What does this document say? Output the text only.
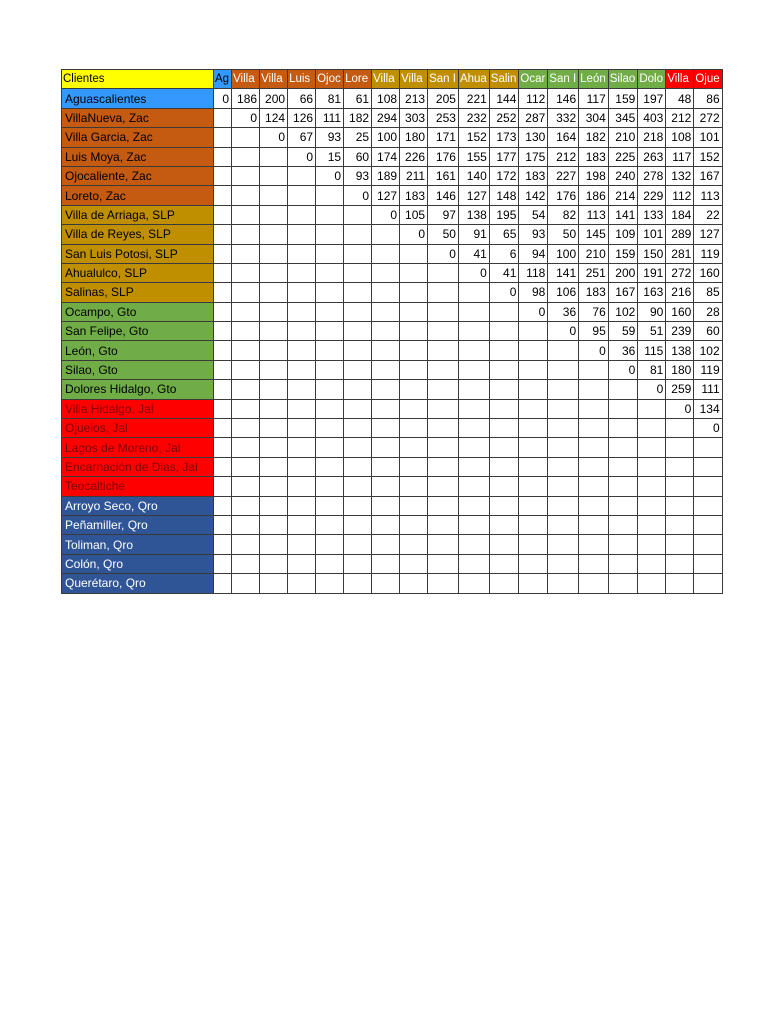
Clientes	Ag	Villa	Villa	Luis	Ojoc	Lore	Villa	Villa	San I	Ahua	Salin	Ocar	San I	León	Silao	Dolo	Villa	Ojue
Aguascalientes	0	186	200	66	81	61	108	213	205	221	144	112	146	117	159	197	48	86
VillaNueva, Zac		0	124	126	111	182	294	303	253	232	252	287	332	304	345	403	212	272
Villa Garcia, Zac			0	67	93	25	100	180	171	152	173	130	164	182	210	218	108	101
Luis Moya, Zac				0	15	60	174	226	176	155	177	175	212	183	225	263	117	152
Ojocaliente, Zac					0	93	189	211	161	140	172	183	227	198	240	278	132	167
Loreto, Zac						0	127	183	146	127	148	142	176	186	214	229	112	113
Villa de Arriaga, SLP							0	105	97	138	195	54	82	113	141	133	184	22
Villa de Reyes, SLP								0	50	91	65	93	50	145	109	101	289	127
San Luis Potosi, SLP									0	41	6	94	100	210	159	150	281	119
Ahualulco, SLP										0	41	118	141	251	200	191	272	160
Salinas, SLP											0	98	106	183	167	163	216	85
Ocampo, Gto												0	36	76	102	90	160	28
San Felipe, Gto													0	95	59	51	239	60
León, Gto														0	36	115	138	102
Silao, Gto															0	81	180	119
Dolores Hidalgo, Gto																0	259	111
Villa Hidalgo, Jal																	0	134
Ojuelos, Jal																		0
Lagos de Moreno, Jal																		
Encarnación de Dias, Jal																		
Teocaltiche																		
Arroyo Seco, Qro																		
Peñamiller, Qro																		
Toliman, Qro																		
Colón, Qro																		
Querétaro, Qro																		
